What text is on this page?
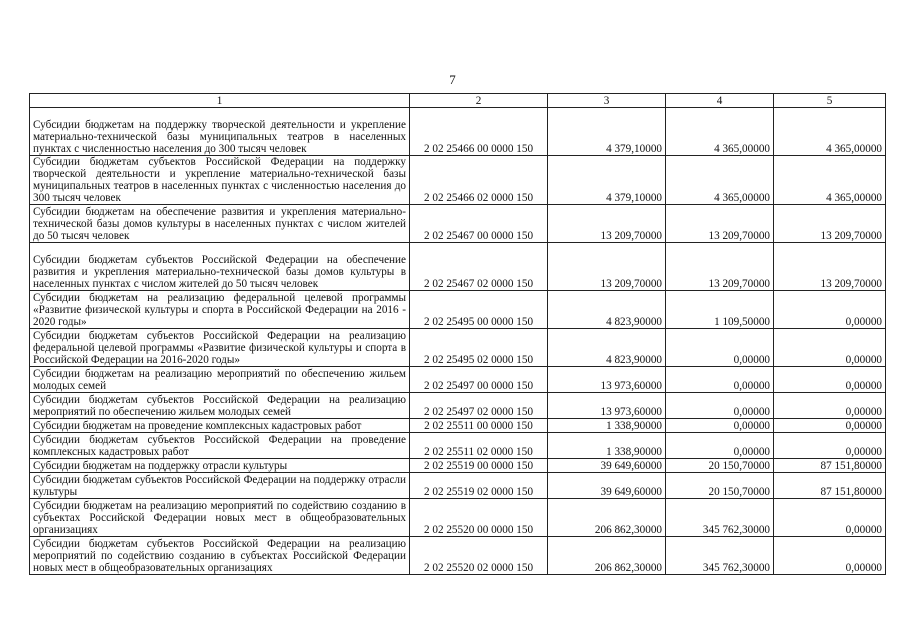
7
1	2	3	4	5
Субсидии бюджетам на поддержку творческой деятельности и укрепление материально-технической базы муниципальных театров в населенных пунктах с численностью населения до 300 тысяч человек	2 02 25466 00 0000 150	4 379,10000	4 365,00000	4 365,00000
Субсидии бюджетам субъектов Российской Федерации на поддержку творческой деятельности и укрепление материально-технической базы муниципальных театров в населенных пунктах с численностью населения до 300 тысяч человек	2 02 25466 02 0000 150	4 379,10000	4 365,00000	4 365,00000
Субсидии бюджетам на обеспечение развития и укрепления материально-технической базы домов культуры в населенных пунктах с числом жителей до 50 тысяч человек	2 02 25467 00 0000 150	13 209,70000	13 209,70000	13 209,70000
Субсидии бюджетам субъектов Российской Федерации на обеспечение развития и укрепления материально-технической базы домов культуры в населенных пунктах с числом жителей до 50 тысяч человек	2 02 25467 02 0000 150	13 209,70000	13 209,70000	13 209,70000
Субсидии бюджетам на реализацию федеральной целевой программы «Развитие физической культуры и спорта в Российской Федерации на 2016 - 2020 годы»	2 02 25495 00 0000 150	4 823,90000	1 109,50000	0,00000
Субсидии бюджетам субъектов Российской Федерации на реализацию федеральной целевой программы «Развитие физической культуры и спорта в Российской Федерации на 2016-2020 годы»	2 02 25495 02 0000 150	4 823,90000	0,00000	0,00000
Субсидии бюджетам на реализацию мероприятий по обеспечению жильем молодых семей	2 02 25497 00 0000 150	13 973,60000	0,00000	0,00000
Субсидии бюджетам субъектов Российской Федерации на реализацию мероприятий по обеспечению жильем молодых семей	2 02 25497 02 0000 150	13 973,60000	0,00000	0,00000
Субсидии бюджетам на проведение комплексных кадастровых работ	2 02 25511 00 0000 150	1 338,90000	0,00000	0,00000
Субсидии бюджетам субъектов Российской Федерации на проведение комплексных кадастровых работ	2 02 25511 02 0000 150	1 338,90000	0,00000	0,00000
Субсидии бюджетам на поддержку отрасли культуры	2 02 25519 00 0000 150	39 649,60000	20 150,70000	87 151,80000
Субсидии бюджетам субъектов Российской Федерации на поддержку отрасли культуры	2 02 25519 02 0000 150	39 649,60000	20 150,70000	87 151,80000
Субсидии бюджетам на реализацию мероприятий по содействию созданию в субъектах Российской Федерации новых мест в общеобразовательных организациях	2 02 25520 00 0000 150	206 862,30000	345 762,30000	0,00000
Субсидии бюджетам субъектов Российской Федерации на реализацию мероприятий по содействию созданию в субъектах Российской Федерации новых мест в общеобразовательных организациях	2 02 25520 02 0000 150	206 862,30000	345 762,30000	0,00000
